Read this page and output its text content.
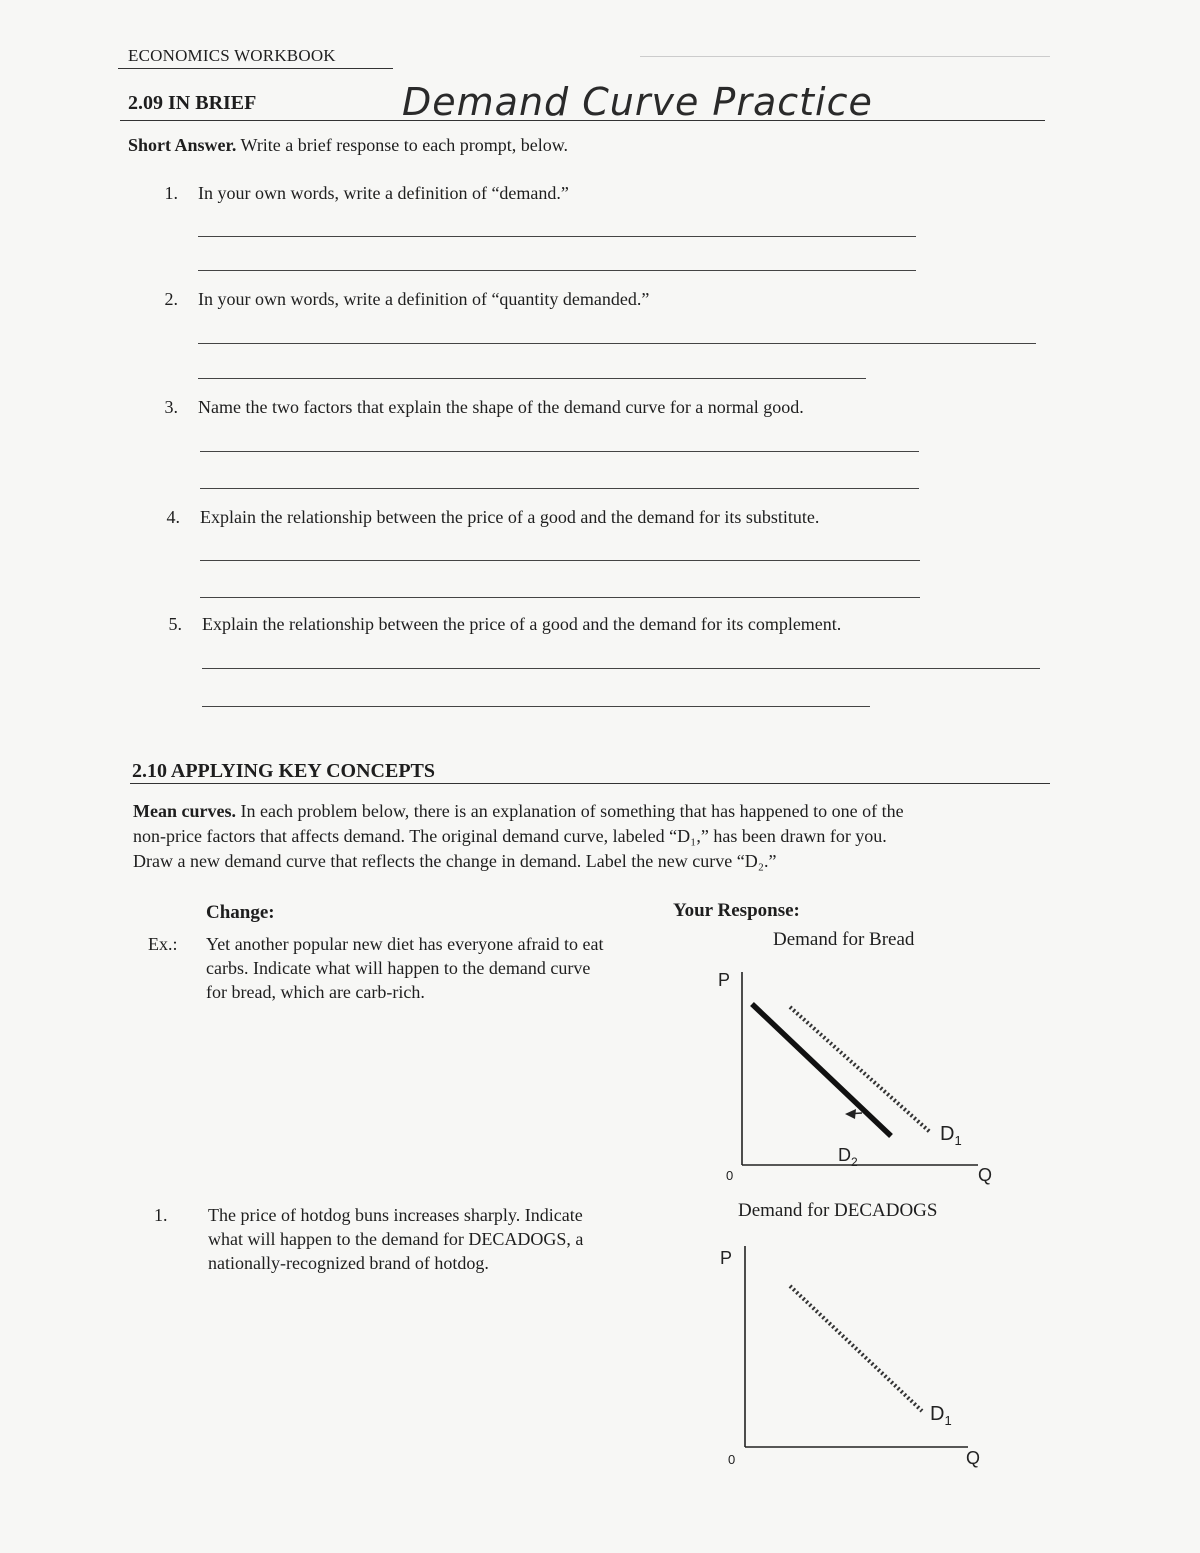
ECONOMICS WORKBOOK
2.09 IN BRIEF	Demand Curve Practice
Short Answer. Write a brief response to each prompt, below.
1. In your own words, write a definition of “demand.”
2. In your own words, write a definition of “quantity demanded.”
3. Name the two factors that explain the shape of the demand curve for a normal good.
4. Explain the relationship between the price of a good and the demand for its substitute.
5. Explain the relationship between the price of a good and the demand for its complement.
2.10 APPLYING KEY CONCEPTS
Mean curves. In each problem below, there is an explanation of something that has happened to one of the
non-price factors that affects demand. The original demand curve, labeled “D₁,” has been drawn for you.
Draw a new demand curve that reflects the change in demand. Label the new curve “D₂.”
Change:	Your Response:
Ex.: Yet another popular new diet has everyone afraid to eat
carbs. Indicate what will happen to the demand curve
for bread, which are carb-rich.
1. The price of hotdog buns increases sharply. Indicate
what will happen to the demand for DECADOGS, a
nationally-recognized brand of hotdog.
Demand for Bread
P
0	Q
$D_1$
$D_2$
Demand for DECADOGS
P
0	Q
$D_1$
